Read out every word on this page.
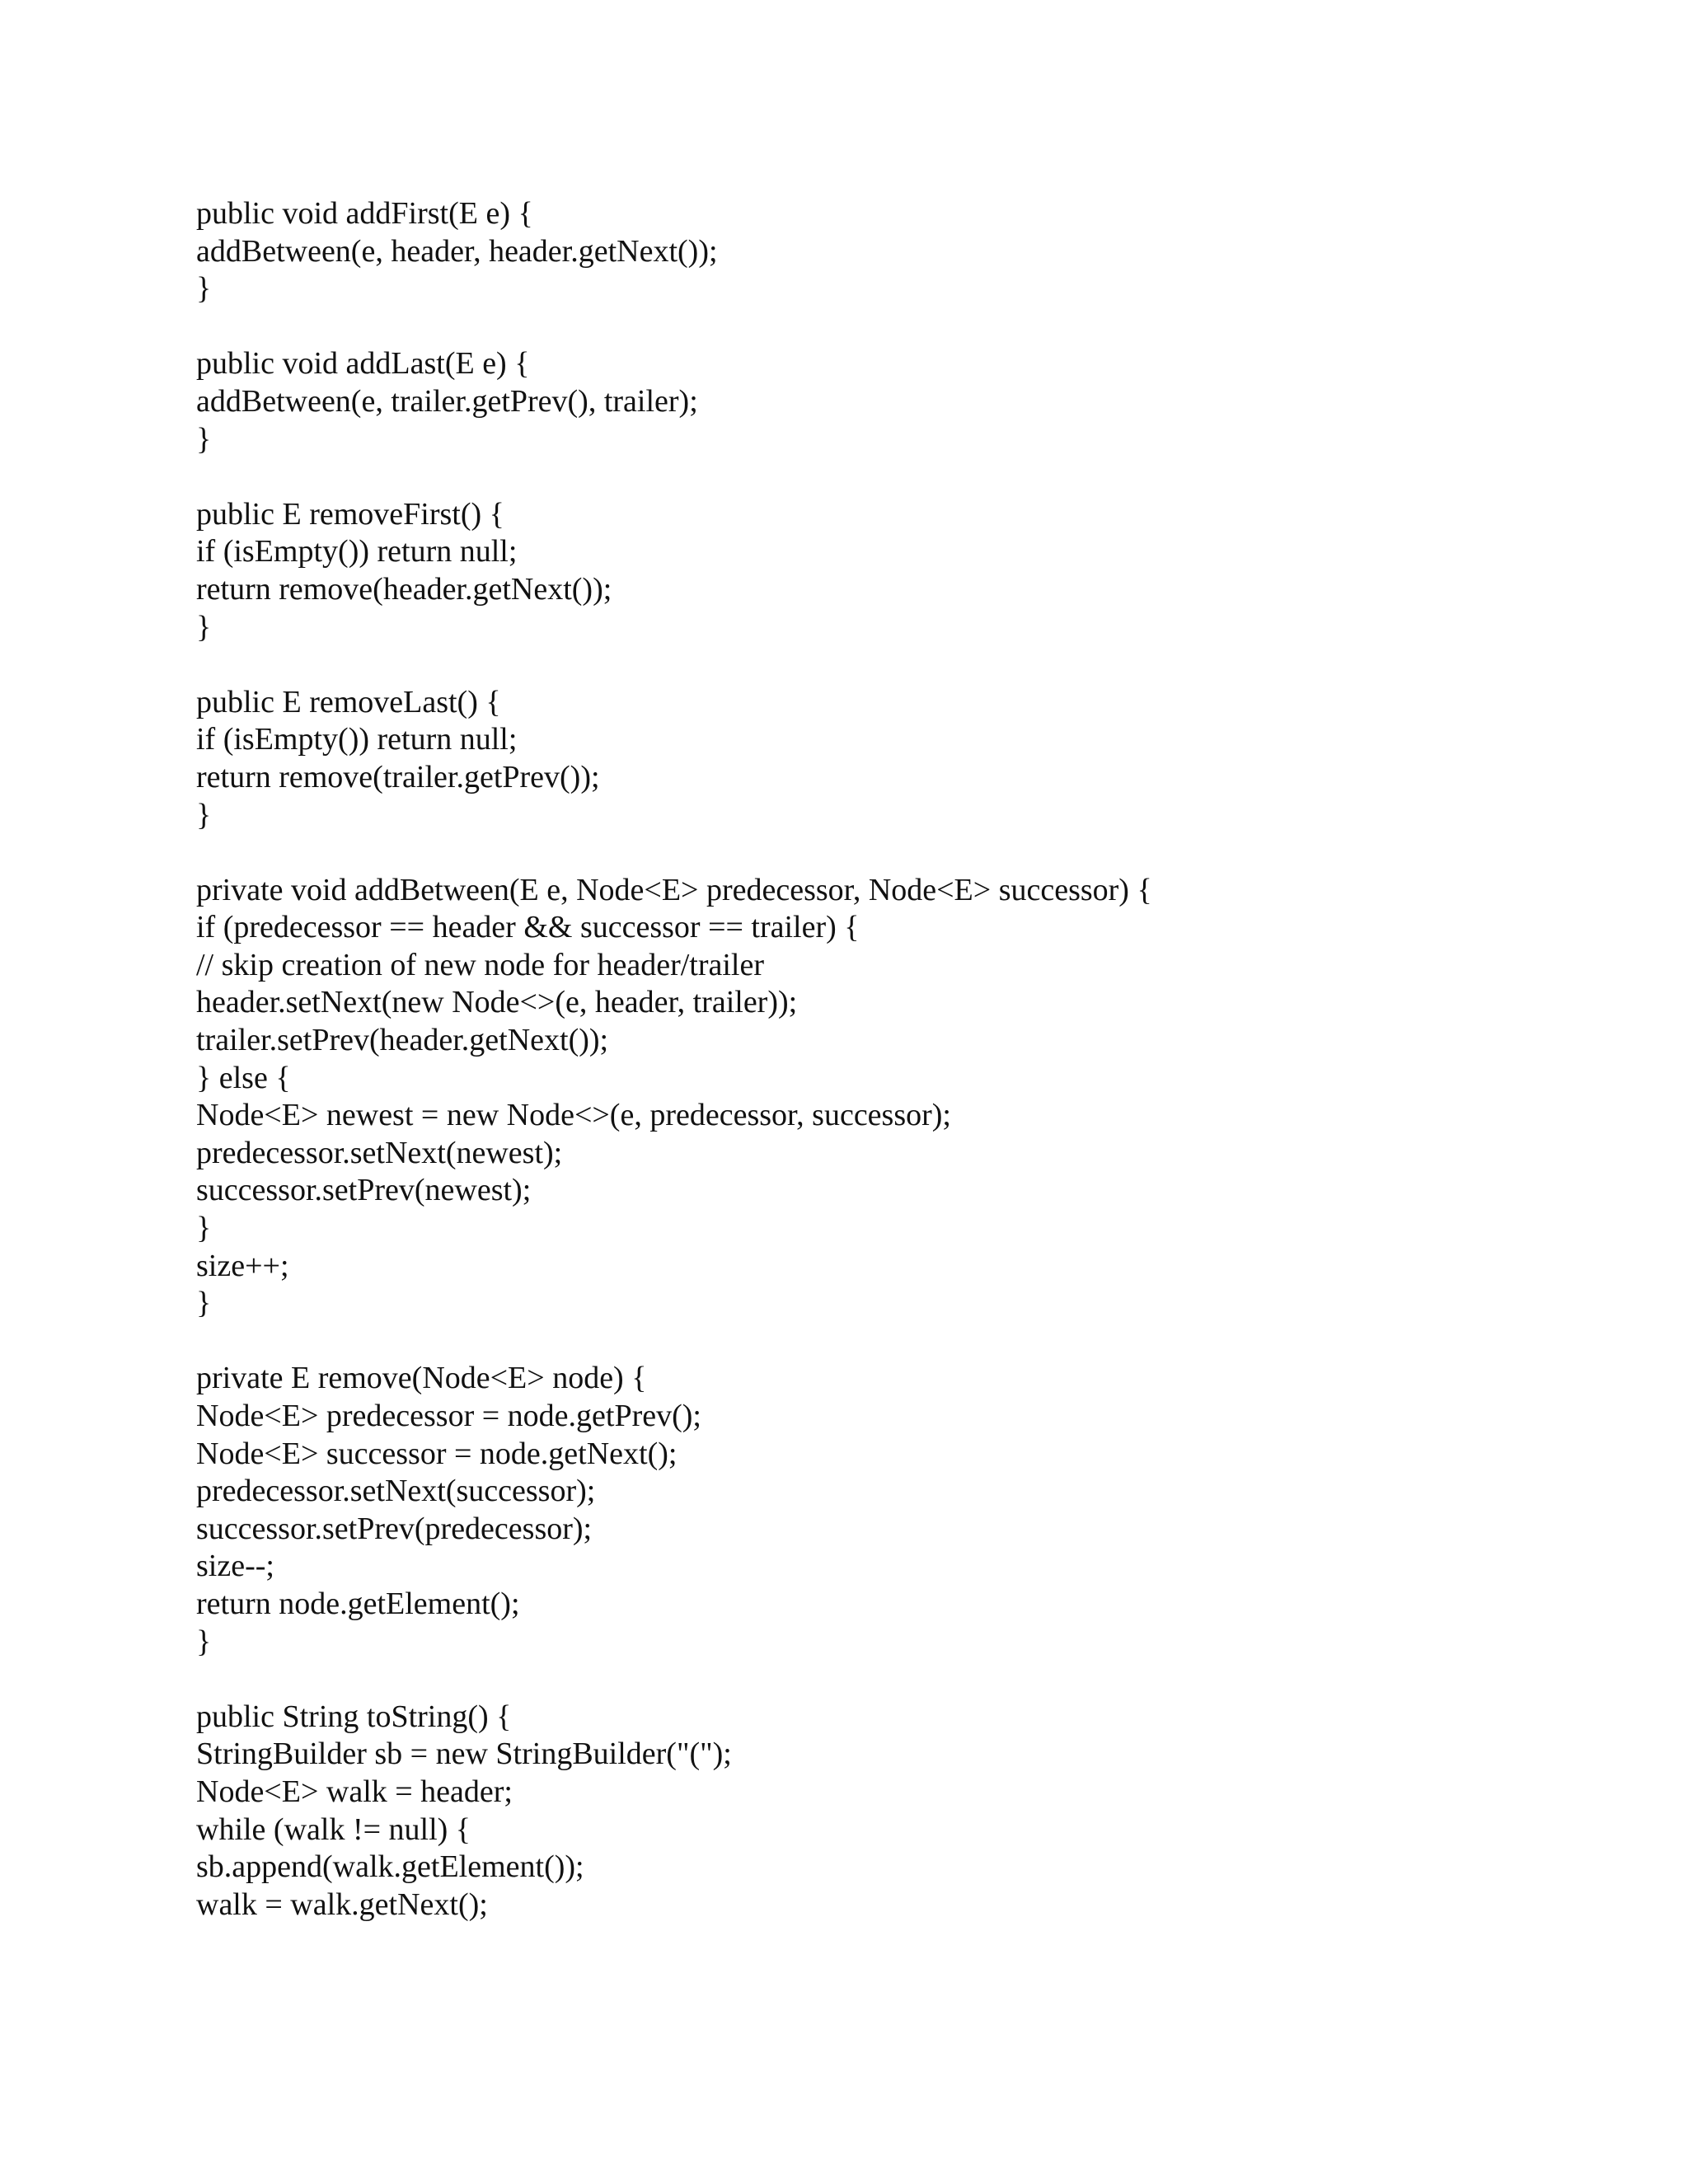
public void addFirst(E e) {
addBetween(e, header, header.getNext());
}
public void addLast(E e) {
addBetween(e, trailer.getPrev(), trailer);
}
public E removeFirst() {
if (isEmpty()) return null;
return remove(header.getNext());
}
public E removeLast() {
if (isEmpty()) return null;
return remove(trailer.getPrev());
}
private void addBetween(E e, Node<E> predecessor, Node<E> successor) {
if (predecessor == header && successor == trailer) {
// skip creation of new node for header/trailer
header.setNext(new Node<>(e, header, trailer));
trailer.setPrev(header.getNext());
} else {
Node<E> newest = new Node<>(e, predecessor, successor);
predecessor.setNext(newest);
successor.setPrev(newest);
}
size++;
}
private E remove(Node<E> node) {
Node<E> predecessor = node.getPrev();
Node<E> successor = node.getNext();
predecessor.setNext(successor);
successor.setPrev(predecessor);
size--;
return node.getElement();
}
public String toString() {
StringBuilder sb = new StringBuilder("(");
Node<E> walk = header;
while (walk != null) {
sb.append(walk.getElement());
walk = walk.getNext();
